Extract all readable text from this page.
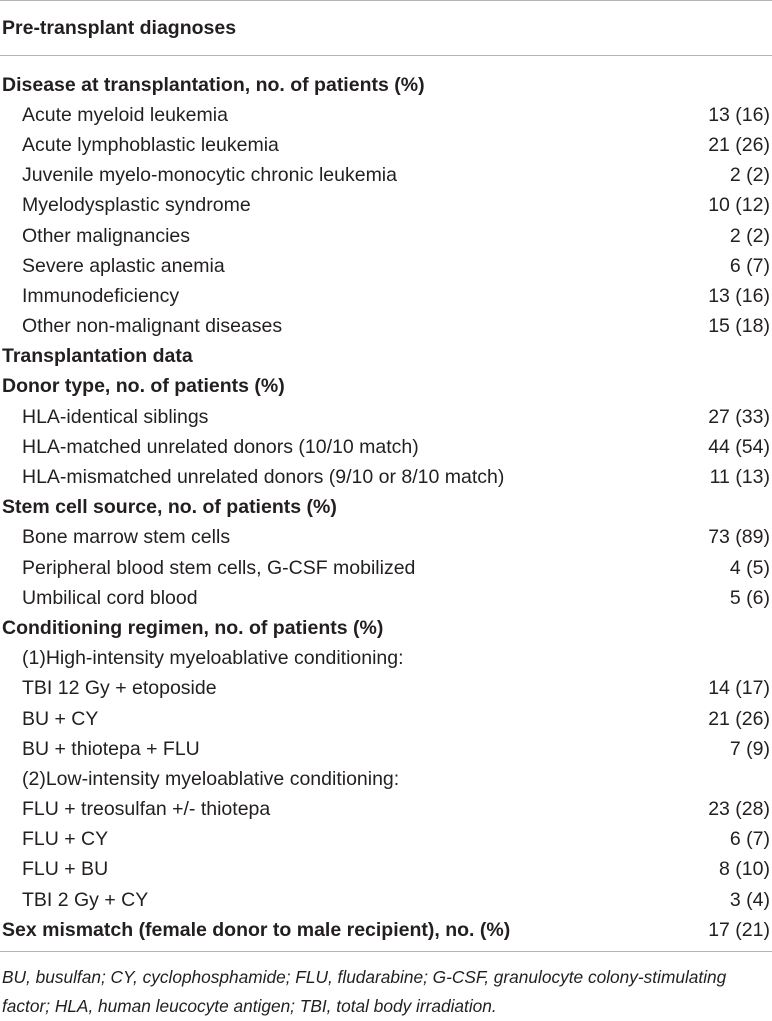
Pre-transplant diagnoses
Disease at transplantation, no. of patients (%)
Acute myeloid leukemia	13 (16)
Acute lymphoblastic leukemia	21 (26)
Juvenile myelo-monocytic chronic leukemia	2 (2)
Myelodysplastic syndrome	10 (12)
Other malignancies	2 (2)
Severe aplastic anemia	6 (7)
Immunodeficiency	13 (16)
Other non-malignant diseases	15 (18)
Transplantation data
Donor type, no. of patients (%)
HLA-identical siblings	27 (33)
HLA-matched unrelated donors (10/10 match)	44 (54)
HLA-mismatched unrelated donors (9/10 or 8/10 match)	11 (13)
Stem cell source, no. of patients (%)
Bone marrow stem cells	73 (89)
Peripheral blood stem cells, G-CSF mobilized	4 (5)
Umbilical cord blood	5 (6)
Conditioning regimen, no. of patients (%)
(1)High-intensity myeloablative conditioning:
TBI 12 Gy + etoposide	14 (17)
BU + CY	21 (26)
BU + thiotepa + FLU	7 (9)
(2)Low-intensity myeloablative conditioning:
FLU + treosulfan +/- thiotepa	23 (28)
FLU + CY	6 (7)
FLU + BU	8 (10)
TBI 2 Gy + CY	3 (4)
Sex mismatch (female donor to male recipient), no. (%)	17 (21)
BU, busulfan; CY, cyclophosphamide; FLU, fludarabine; G-CSF, granulocyte colony-stimulating factor; HLA, human leucocyte antigen; TBI, total body irradiation.
